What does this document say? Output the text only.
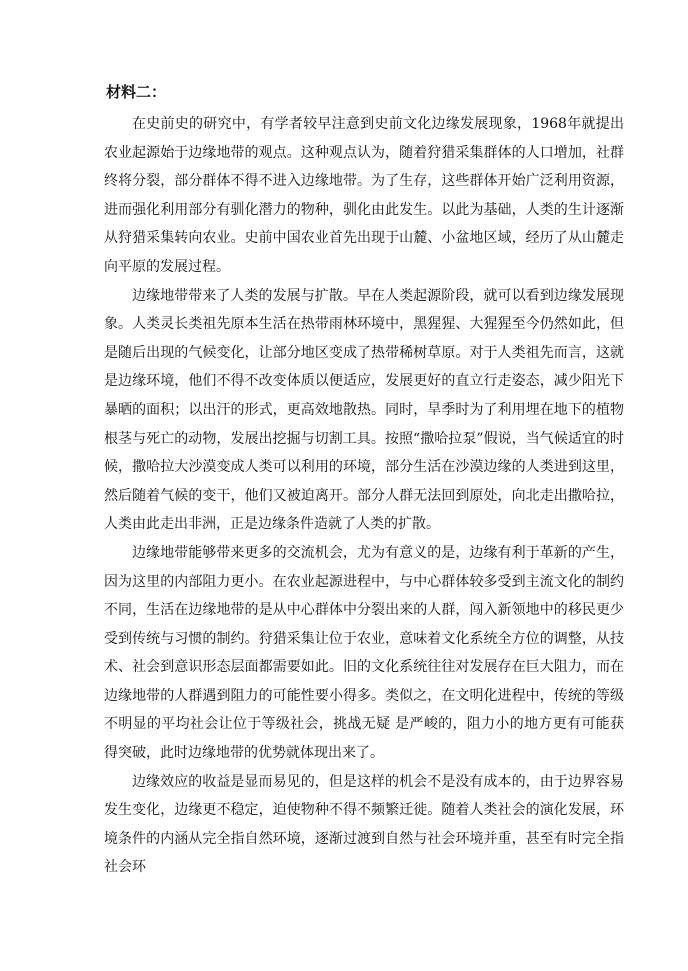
材料二：

在史前史的研究中，有学者较早注意到史前文化边缘发展现象，1968年就提出农业起源始于边缘地带的观点。这种观点认为，随着狩猎采集群体的人口增加，社群终将分裂，部分群体不得不进入边缘地带。为了生存，这些群体开始广泛利用资源，进而强化利用部分有驯化潜力的物种，驯化由此发生。以此为基础，人类的生计逐渐从狩猎采集转向农业。史前中国农业首先出现于山麓、小盆地区域，经历了从山麓走向平原的发展过程。

边缘地带带来了人类的发展与扩散。早在人类起源阶段，就可以看到边缘发展现象。人类灵长类祖先原本生活在热带雨林环境中，黑猩猩、大猩猩至今仍然如此，但是随后出现的气候变化，让部分地区变成了热带稀树草原。对于人类祖先而言，这就是边缘环境，他们不得不改变体质以便适应，发展更好的直立行走姿态，减少阳光下暴晒的面积；以出汗的形式，更高效地散热。同时，旱季时为了利用埋在地下的植物根茎与死亡的动物，发展出挖掘与切割工具。按照“撒哈拉泵”假说，当气候适宜的时候，撒哈拉大沙漠变成人类可以利用的环境，部分生活在沙漠边缘的人类进到这里，然后随着气候的变干，他们又被迫离开。部分人群无法回到原处，向北走出撒哈拉，人类由此走出非洲，正是边缘条件造就了人类的扩散。

边缘地带能够带来更多的交流机会，尤为有意义的是，边缘有利于革新的产生，因为这里的内部阻力更小。在农业起源进程中，与中心群体较多受到主流文化的制约不同，生活在边缘地带的是从中心群体中分裂出来的人群，闯入新领地中的移民更少受到传统与习惯的制约。狩猎采集让位于农业，意味着文化系统全方位的调整，从技术、社会到意识形态层面都需要如此。旧的文化系统往往对发展存在巨大阻力，而在边缘地带的人群遇到阻力的可能性要小得多。类似之，在文明化进程中，传统的等级不明显的平均社会让位于等级社会，挑战无疑 是严峻的，阻力小的地方更有可能获得突破，此时边缘地带的优势就体现出来了。

边缘效应的收益是显而易见的，但是这样的机会不是没有成本的，由于边界容易发生变化，边缘更不稳定，迫使物种不得不频繁迁徙。随着人类社会的演化发展，环境条件的内涵从完全指自然环境，逐渐过渡到自然与社会环境并重，甚至有时完全指社会环
